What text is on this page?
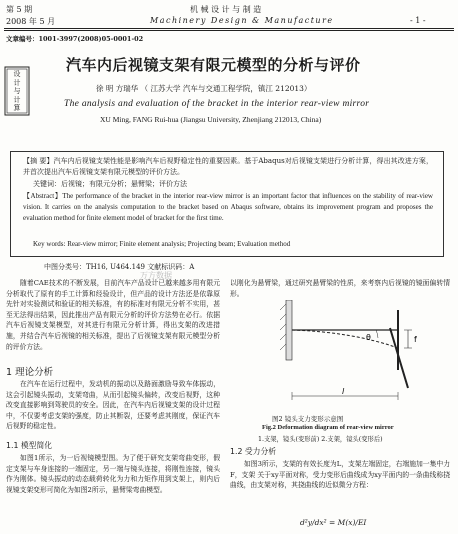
第 5 期
2008 年 5 月
机 械 设 计 与 制 造
Machinery Design & Manufacture	- 1 -
文章编号：1001-3997(2008)05-0001-02
设
计
与
计
算
汽车内后视镜支架有限元模型的分析与评价
徐 明 方瑞华 （ 江苏大学 汽车与交通工程学院，镇江 212013）
The analysis and evaluation of the bracket in the interior rear-view mirror
XU Ming, FANG Rui-hua (Jiangsu University, Zhenjiang 212013, China)
【摘 要】汽车内后视镜支架性能是影响汽车后视野稳定性的重要因素。基于Abaqus对后视镜支架进行分析计算，得出其改进方案，并首次提出汽车后视镜支架有限元模型的评价方法。
关键词：后视镜；有限元分析；悬臂梁；评价方法
【Abstract】The performance of the bracket in the interior rear-view mirror is an important factor that influences on the stability of rear-view vision. It carries on the analysis computation to the bracket based on Abaqus software, obtains its improvement program and proposes the evaluation method for finite element model of bracket for the first time.
Key words: Rear-view mirror; Finite element analysis; Projecting beam; Evaluation method
中图分类号：TH16, U464.149 文献标识码：A
随着CAE技术的不断发展，目前汽车产品设计已越来越多用有限元分析取代了原有的手工计算和经验设计，但产品的设计方法还是依靠原先针对实验测试和验证的相关标准，有的标准对有限元分析不实用，甚至无法得出结果，因此推出产品有限元分析的评价方法势在必行。依据汽车后视镜支架模型，对其进行有限元分析计算，得出支架的改进措施，并结合汽车后视镜的相关标准，提出了后视镜支架有限元模型分析的评价方法。
1 理论分析
在汽车在运行过程中，发动机的振动以及路面激励导致车体振动，这会引起镜头振动，支架弯曲，从而引起镜头偏转，改变后视野，这种改变直接影响到驾驶员的安全。因此，在汽车内后视镜支架的设计过程中，不仅要考虑支架的强度，防止其断裂，还要考虑其刚度，保证汽车后视野的稳定性。
1.1 模型简化
如图1所示，为一后视镜模型图。为了便于研究支架弯曲变形，假定支架与车身连接的一端固定，另一端与镜头连接，将刚性连接，镜头作为刚体。镜头振动的动态载荷转化为力和力矩作用到支架上，则内后视镜支架变形可简化为如图2所示，悬臂梁弯曲模型。
以刚化为悬臂梁，通过研究悬臂梁的性质，来考察内后视镜的镜面偏转情形。
θ	f
l
图2 镜头支力变形示意图
Fig.2 Deformation diagram of rear-view mirror
1.支架，镜头(变形前) 2.支架，镜头(变形后)
1.2 受力分析
如图3所示，支架的有效长度为L，支架左端固定，右端施加一集中力F，支架 关于xy平面对称，受力变形后曲线成为xy平面内的一条曲线称挠曲线，由支架对称，其挠曲线的近似微分方程：
d²y/dx² = M(x)/EI
万方数据
